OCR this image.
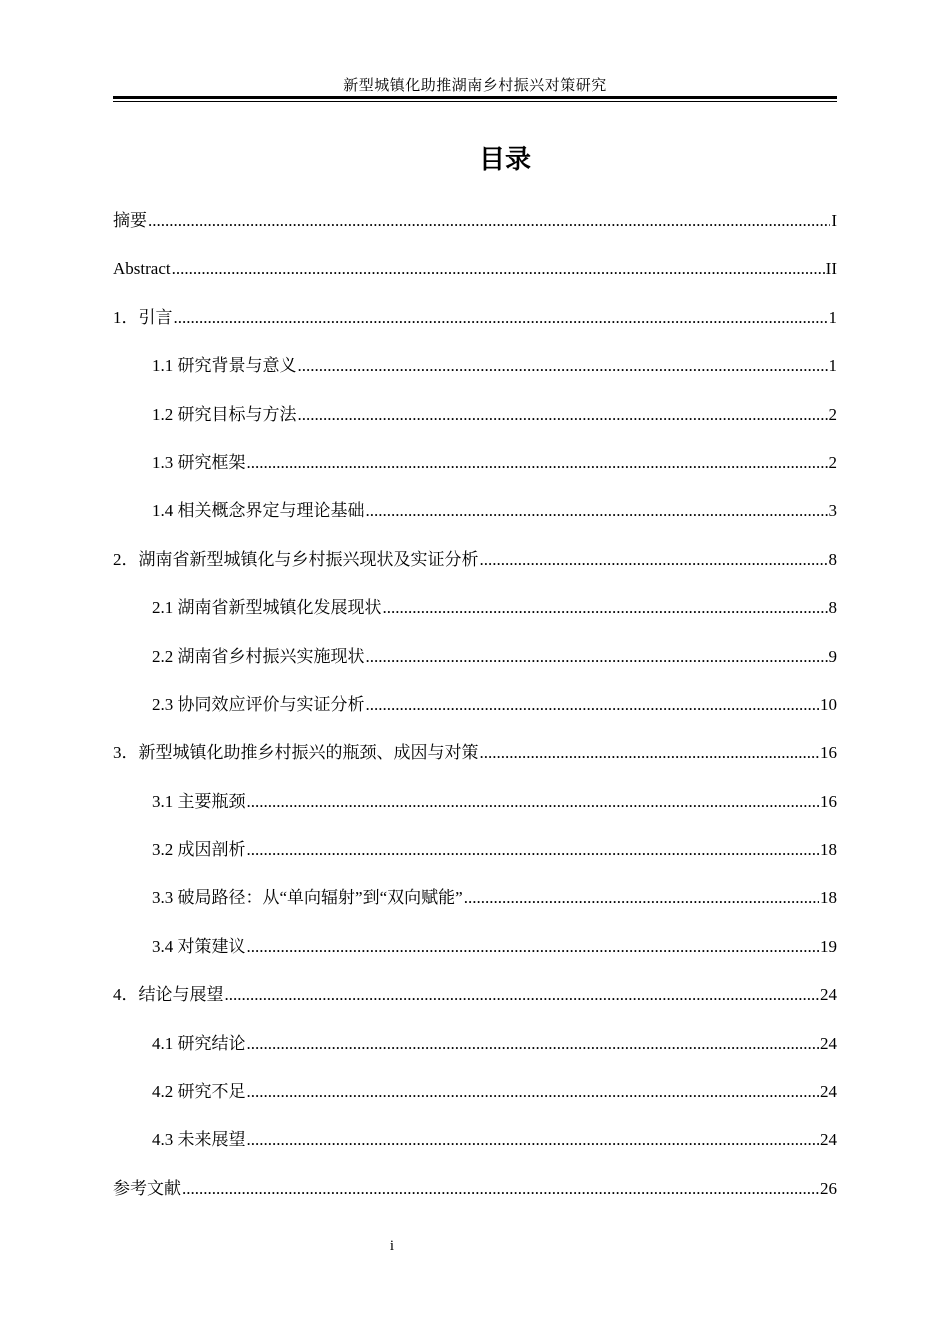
新型城镇化助推湖南乡村振兴对策研究
目录
摘要 .....	I
Abstract .....	II
1．引言 .....	1
1.1 研究背景与意义 .....	1
1.2 研究目标与方法 .....	2
1.3 研究框架 .....	2
1.4 相关概念界定与理论基础 .....	3
2．湖南省新型城镇化与乡村振兴现状及实证分析 .....	8
2.1 湖南省新型城镇化发展现状 .....	8
2.2 湖南省乡村振兴实施现状 .....	9
2.3 协同效应评价与实证分析 .....	10
3．新型城镇化助推乡村振兴的瓶颈、成因与对策 .....	16
3.1 主要瓶颈 .....	16
3.2 成因剖析 .....	18
3.3 破局路径：从“单向辐射”到“双向赋能” .....	18
3.4 对策建议 .....	19
4．结论与展望 .....	24
4.1 研究结论 .....	24
4.2 研究不足 .....	24
4.3 未来展望 .....	24
参考文献 .....	26
i
